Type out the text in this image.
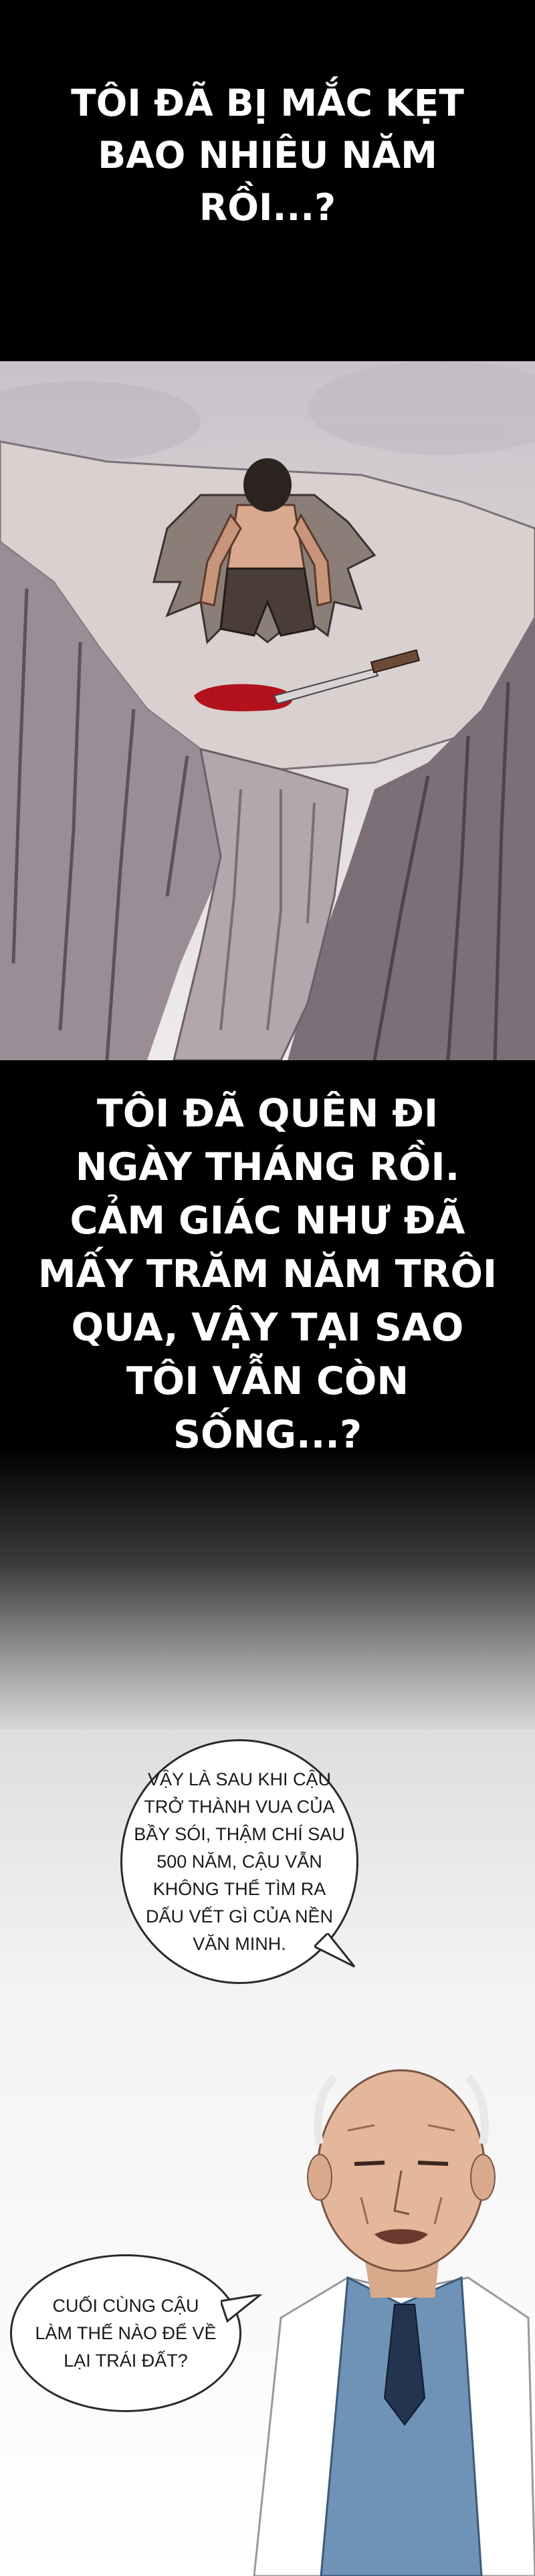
TÔI ĐÃ BỊ MẮC KẸT
BAO NHIÊU NĂM
RỒI...?
TÔI ĐÃ QUÊN ĐI
NGÀY THÁNG RỒI.
CẢM GIÁC NHƯ ĐÃ
MẤY TRĂM NĂM TRÔI
QUA, VẬY TẠI SAO
TÔI VẪN CÒN
SỐNG...?
VẬY LÀ SAU KHI CẬU
TRỞ THÀNH VUA CỦA
BẦY SÓI, THẬM CHÍ SAU
500 NĂM, CẬU VẪN
KHÔNG THỂ TÌM RA
DẤU VẾT GÌ CỦA NỀN
VĂN MINH.
CUỐI CÙNG CẬU
LÀM THẾ NÀO ĐỂ VỀ
LẠI TRÁI ĐẤT?
